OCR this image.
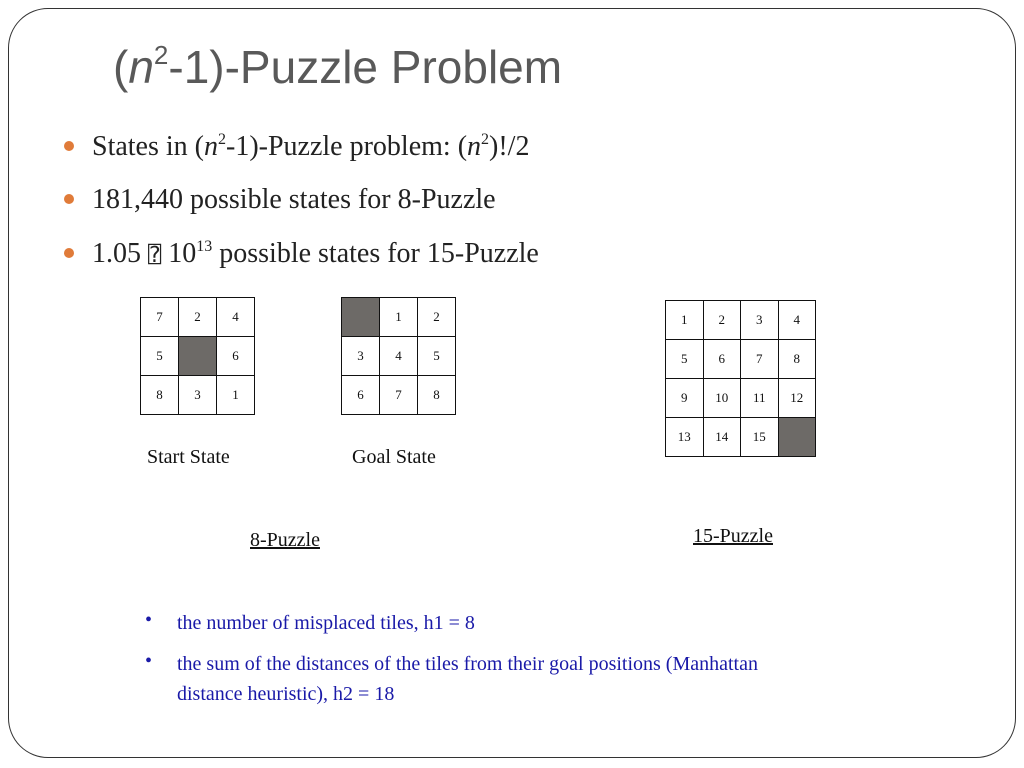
$(n^2-1)$-Puzzle Problem
States in $(n^2-1)$-Puzzle problem: $(n^2)!/2$
181,440 possible states for 8-Puzzle
1.05 ⍰ $10^{13}$ possible states for 15-Puzzle
7	2	4
5		6
8	3	1
	1	2
3	4	5
6	7	8
1	2	3	4
5	6	7	8
9	10	11	12
13	14	15	
Start State	Goal State
8-Puzzle	15-Puzzle
• the number of misplaced tiles, h1 = 8
• the sum of the distances of the tiles from their goal positions (Manhattan
distance heuristic), h2 = 18
